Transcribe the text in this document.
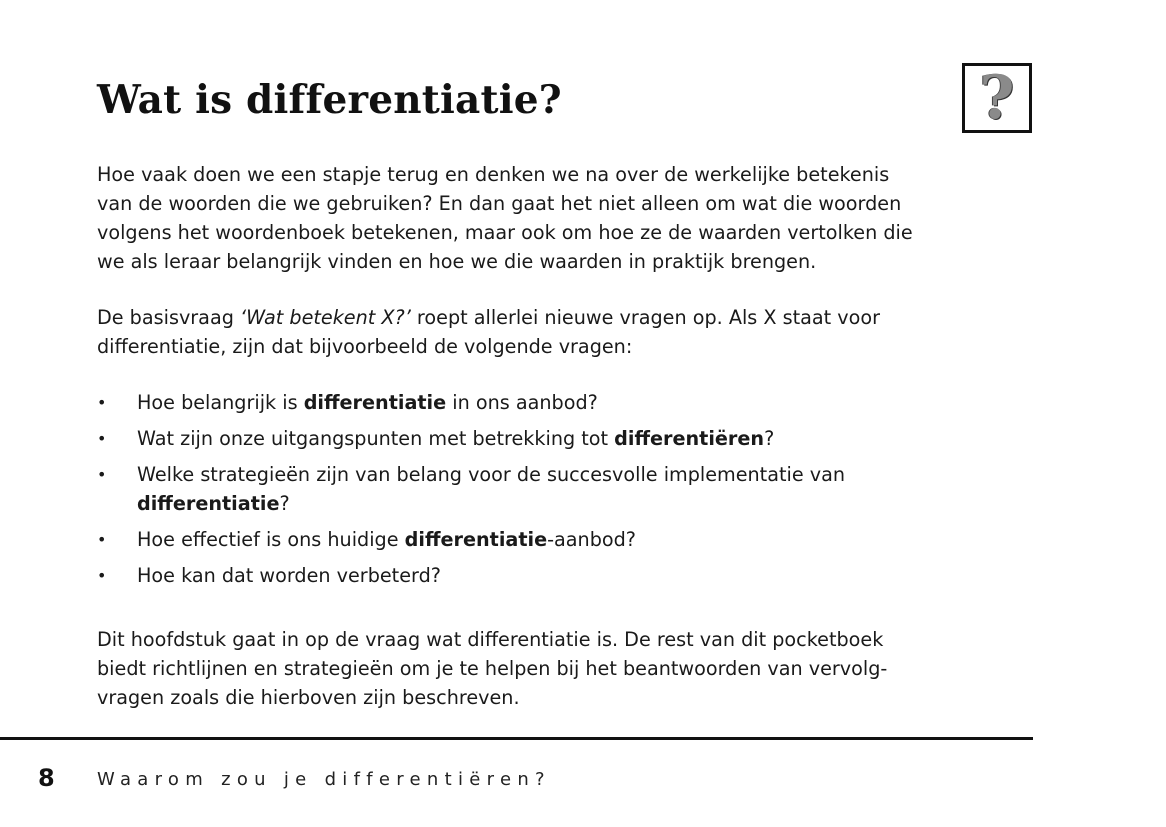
Wat is differentiatie?	?

Hoe vaak doen we een stapje terug en denken we na over de werkelijke betekenis
van de woorden die we gebruiken? En dan gaat het niet alleen om wat die woorden
volgens het woordenboek betekenen, maar ook om hoe ze de waarden vertolken die
we als leraar belangrijk vinden en hoe we die waarden in praktijk brengen.

De basisvraag ‘Wat betekent X?’ roept allerlei nieuwe vragen op. Als X staat voor
differentiatie, zijn dat bijvoorbeeld de volgende vragen:

• Hoe belangrijk is differentiatie in ons aanbod?
• Wat zijn onze uitgangspunten met betrekking tot differentiëren?
• Welke strategieën zijn van belang voor de succesvolle implementatie van
differentiatie?
• Hoe effectief is ons huidige differentiatie-aanbod?
• Hoe kan dat worden verbeterd?

Dit hoofdstuk gaat in op de vraag wat differentiatie is. De rest van dit pocketboek
biedt richtlijnen en strategieën om je te helpen bij het beantwoorden van vervolg-
vragen zoals die hierboven zijn beschreven.

8 Waarom zou je differentiëren?
